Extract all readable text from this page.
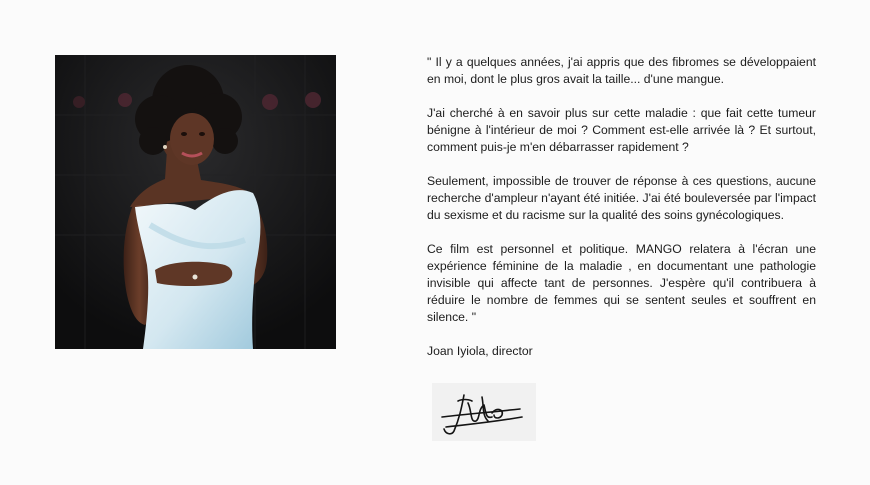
" Il y a quelques années, j'ai appris que des fibromes se développaient en moi, dont le plus gros avait la taille... d'une mangue.

J'ai cherché à en savoir plus sur cette maladie : que fait cette tumeur bénigne à l'intérieur de moi ? Comment est-elle arrivée là ? Et surtout, comment puis-je m'en débarrasser rapidement ?

Seulement, impossible de trouver de réponse à ces questions, aucune recherche d'ampleur n'ayant été initiée. J'ai été bouleversée par l'impact du sexisme et du racisme sur la qualité des soins gynécologiques.

Ce film est personnel et politique. MANGO relatera à l'écran une expérience féminine de la maladie , en documentant une pathologie invisible qui affecte tant de personnes. J'espère qu'il contribuera à réduire le nombre de femmes qui se sentent seules et souffrent en silence. "

Joan Iyiola, director
